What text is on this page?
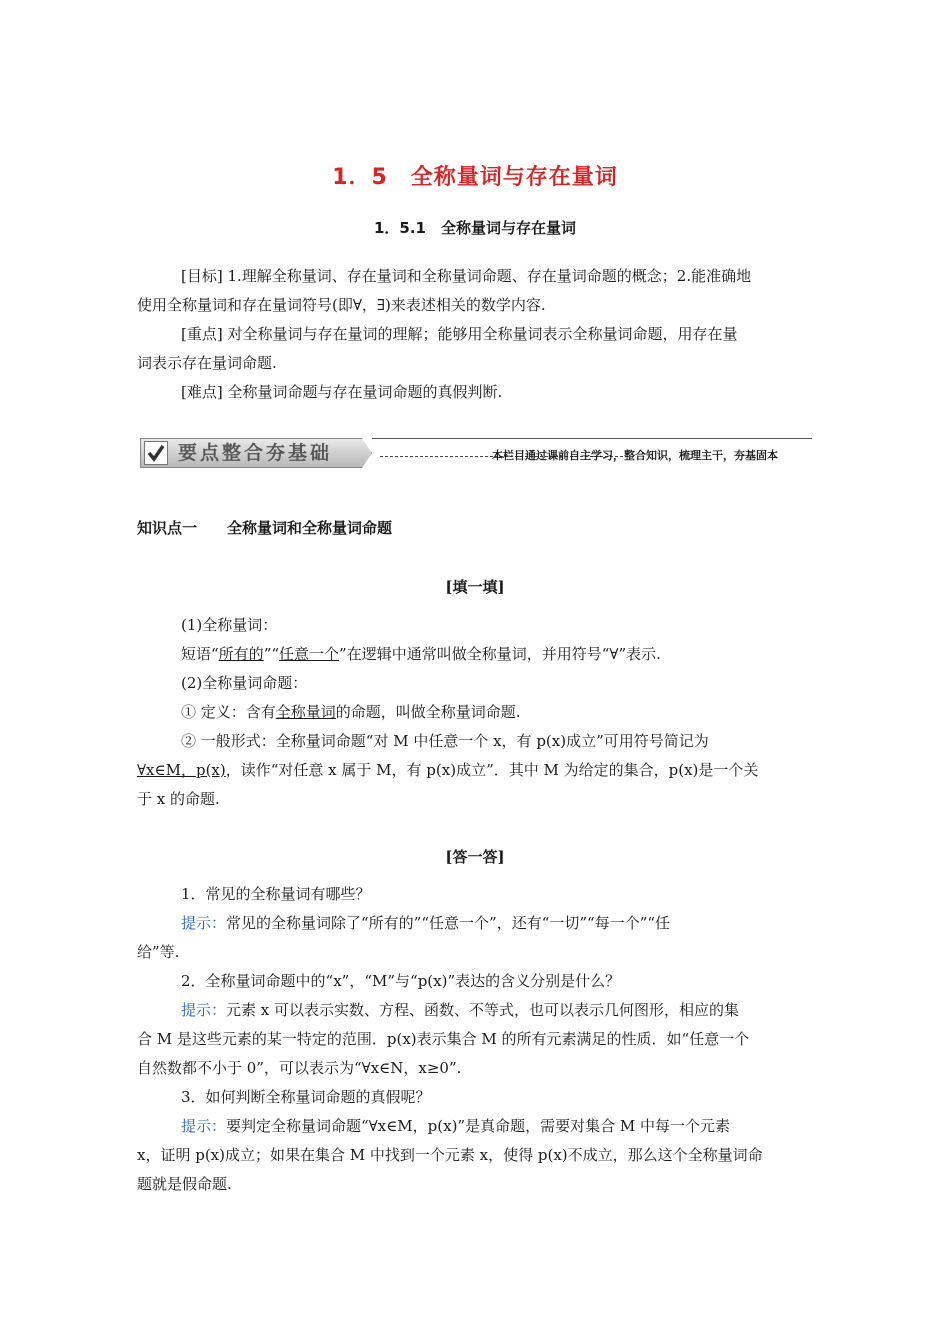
1．5　全称量词与存在量词
1．5.1　全称量词与存在量词
[目标] 1.理解全称量词、存在量词和全称量词命题、存在量词命题的概念；2.能准确地
使用全称量词和存在量词符号(即∀，∃)来表述相关的数学内容.
[重点] 对全称量词与存在量词的理解；能够用全称量词表示全称量词命题，用存在量
词表示存在量词命题.
[难点] 全称量词命题与存在量词命题的真假判断.
要点整合夯基础	本栏目通过课前自主学习，整合知识，梳理主干，夯基固本
知识点一　　全称量词和全称量词命题
[填一填]
(1)全称量词：
短语“所有的”“任意一个”在逻辑中通常叫做全称量词，并用符号“∀”表示.
(2)全称量词命题：
① 定义：含有全称量词的命题，叫做全称量词命题.
② 一般形式：全称量词命题“对 M 中任意一个 x，有 p(x)成立”可用符号简记为
∀x∈M，p(x)，读作“对任意 x 属于 M，有 p(x)成立”．其中 M 为给定的集合，p(x)是一个关
于 x 的命题.
[答一答]
1．常见的全称量词有哪些？
提示：常见的全称量词除了“所有的”“任意一个”，还有“一切”“每一个”“任
给”等.
2．全称量词命题中的“x”，“M”与“p(x)”表达的含义分别是什么？
提示：元素 x 可以表示实数、方程、函数、不等式，也可以表示几何图形，相应的集
合 M 是这些元素的某一特定的范围．p(x)表示集合 M 的所有元素满足的性质．如“任意一个
自然数都不小于 0”，可以表示为“∀x∈N，x≥0”.
3．如何判断全称量词命题的真假呢？
提示：要判定全称量词命题“∀x∈M，p(x)”是真命题，需要对集合 M 中每一个元素
x，证明 p(x)成立；如果在集合 M 中找到一个元素 x，使得 p(x)不成立，那么这个全称量词命
题就是假命题.
